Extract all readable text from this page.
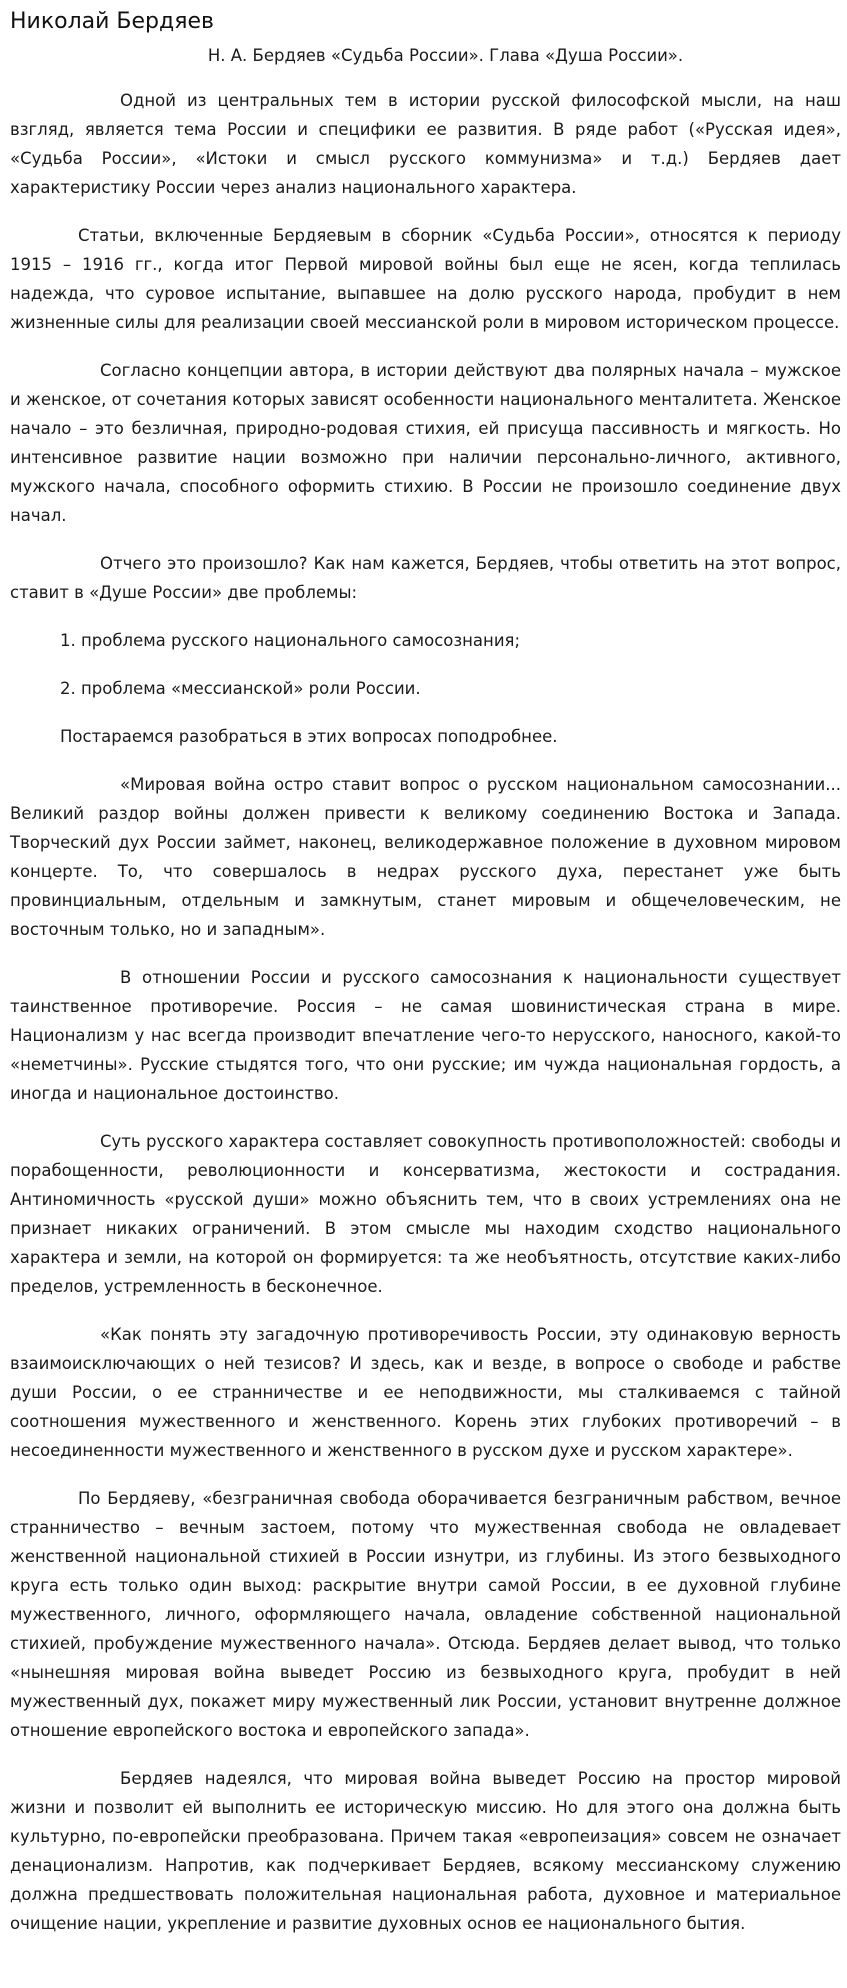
Николай Бердяев

Н. А. Бердяев «Судьба России». Глава «Душа России».

Одной из центральных тем в истории русской философской мысли, на наш взгляд, является тема России и специфики ее развития. В ряде работ («Русская идея», «Судьба России», «Истоки и смысл русского коммунизма» и т.д.) Бердяев дает характеристику России через анализ национального характера.

Статьи, включенные Бердяевым в сборник «Судьба России», относятся к периоду 1915 – 1916 гг., когда итог Первой мировой войны был еще не ясен, когда теплилась надежда, что суровое испытание, выпавшее на долю русского народа, пробудит в нем жизненные силы для реализации своей мессианской роли в мировом историческом процессе.

Согласно концепции автора, в истории действуют два полярных начала – мужское и женское, от сочетания которых зависят особенности национального менталитета. Женское начало – это безличная, природно-родовая стихия, ей присуща пассивность и мягкость. Но интенсивное развитие нации возможно при наличии персонально-личного, активного, мужского начала, способного оформить стихию. В России не произошло соединение двух начал.

Отчего это произошло? Как нам кажется, Бердяев, чтобы ответить на этот вопрос, ставит в «Душе России» две проблемы:

1. проблема русского национального самосознания;

2. проблема «мессианской» роли России.

Постараемся разобраться в этих вопросах поподробнее.

«Мировая война остро ставит вопрос о русском национальном самосознании... Великий раздор войны должен привести к великому соединению Востока и Запада. Творческий дух России займет, наконец, великодержавное положение в духовном мировом концерте. То, что совершалось в недрах русского духа, перестанет уже быть провинциальным, отдельным и замкнутым, станет мировым и общечеловеческим, не восточным только, но и западным».

В отношении России и русского самосознания к национальности существует таинственное противоречие. Россия – не самая шовинистическая страна в мире. Национализм у нас всегда производит впечатление чего-то нерусского, наносного, какой-то «неметчины». Русские стыдятся того, что они русские; им чужда национальная гордость, а иногда и национальное достоинство.

Суть русского характера составляет совокупность противоположностей: свободы и порабощенности, революционности и консерватизма, жестокости и сострадания. Антиномичность «русской души» можно объяснить тем, что в своих устремлениях она не признает никаких ограничений. В этом смысле мы находим сходство национального характера и земли, на которой он формируется: та же необъятность, отсутствие каких-либо пределов, устремленность в бесконечное.

«Как понять эту загадочную противоречивость России, эту одинаковую верность взаимоисключающих о ней тезисов? И здесь, как и везде, в вопросе о свободе и рабстве души России, о ее странничестве и ее неподвижности, мы сталкиваемся с тайной соотношения мужественного и женственного. Корень этих глубоких противоречий – в несоединенности мужественного и женственного в русском духе и русском характере».

По Бердяеву, «безграничная свобода оборачивается безграничным рабством, вечное странничество – вечным застоем, потому что мужественная свобода не овладевает женственной национальной стихией в России изнутри, из глубины. Из этого безвыходного круга есть только один выход: раскрытие внутри самой России, в ее духовной глубине мужественного, личного, оформляющего начала, овладение собственной национальной стихией, пробуждение мужественного начала». Отсюда. Бердяев делает вывод, что только «нынешняя мировая война выведет Россию из безвыходного круга, пробудит в ней мужественный дух, покажет миру мужественный лик России, установит внутренне должное отношение европейского востока и европейского запада».

Бердяев надеялся, что мировая война выведет Россию на простор мировой жизни и позволит ей выполнить ее историческую миссию. Но для этого она должна быть культурно, по-европейски преобразована. Причем такая «европеизация» совсем не означает денационализм. Напротив, как подчеркивает Бердяев, всякому мессианскому служению должна предшествовать положительная национальная работа, духовное и материальное очищение нации, укрепление и развитие духовных основ ее национального бытия.
